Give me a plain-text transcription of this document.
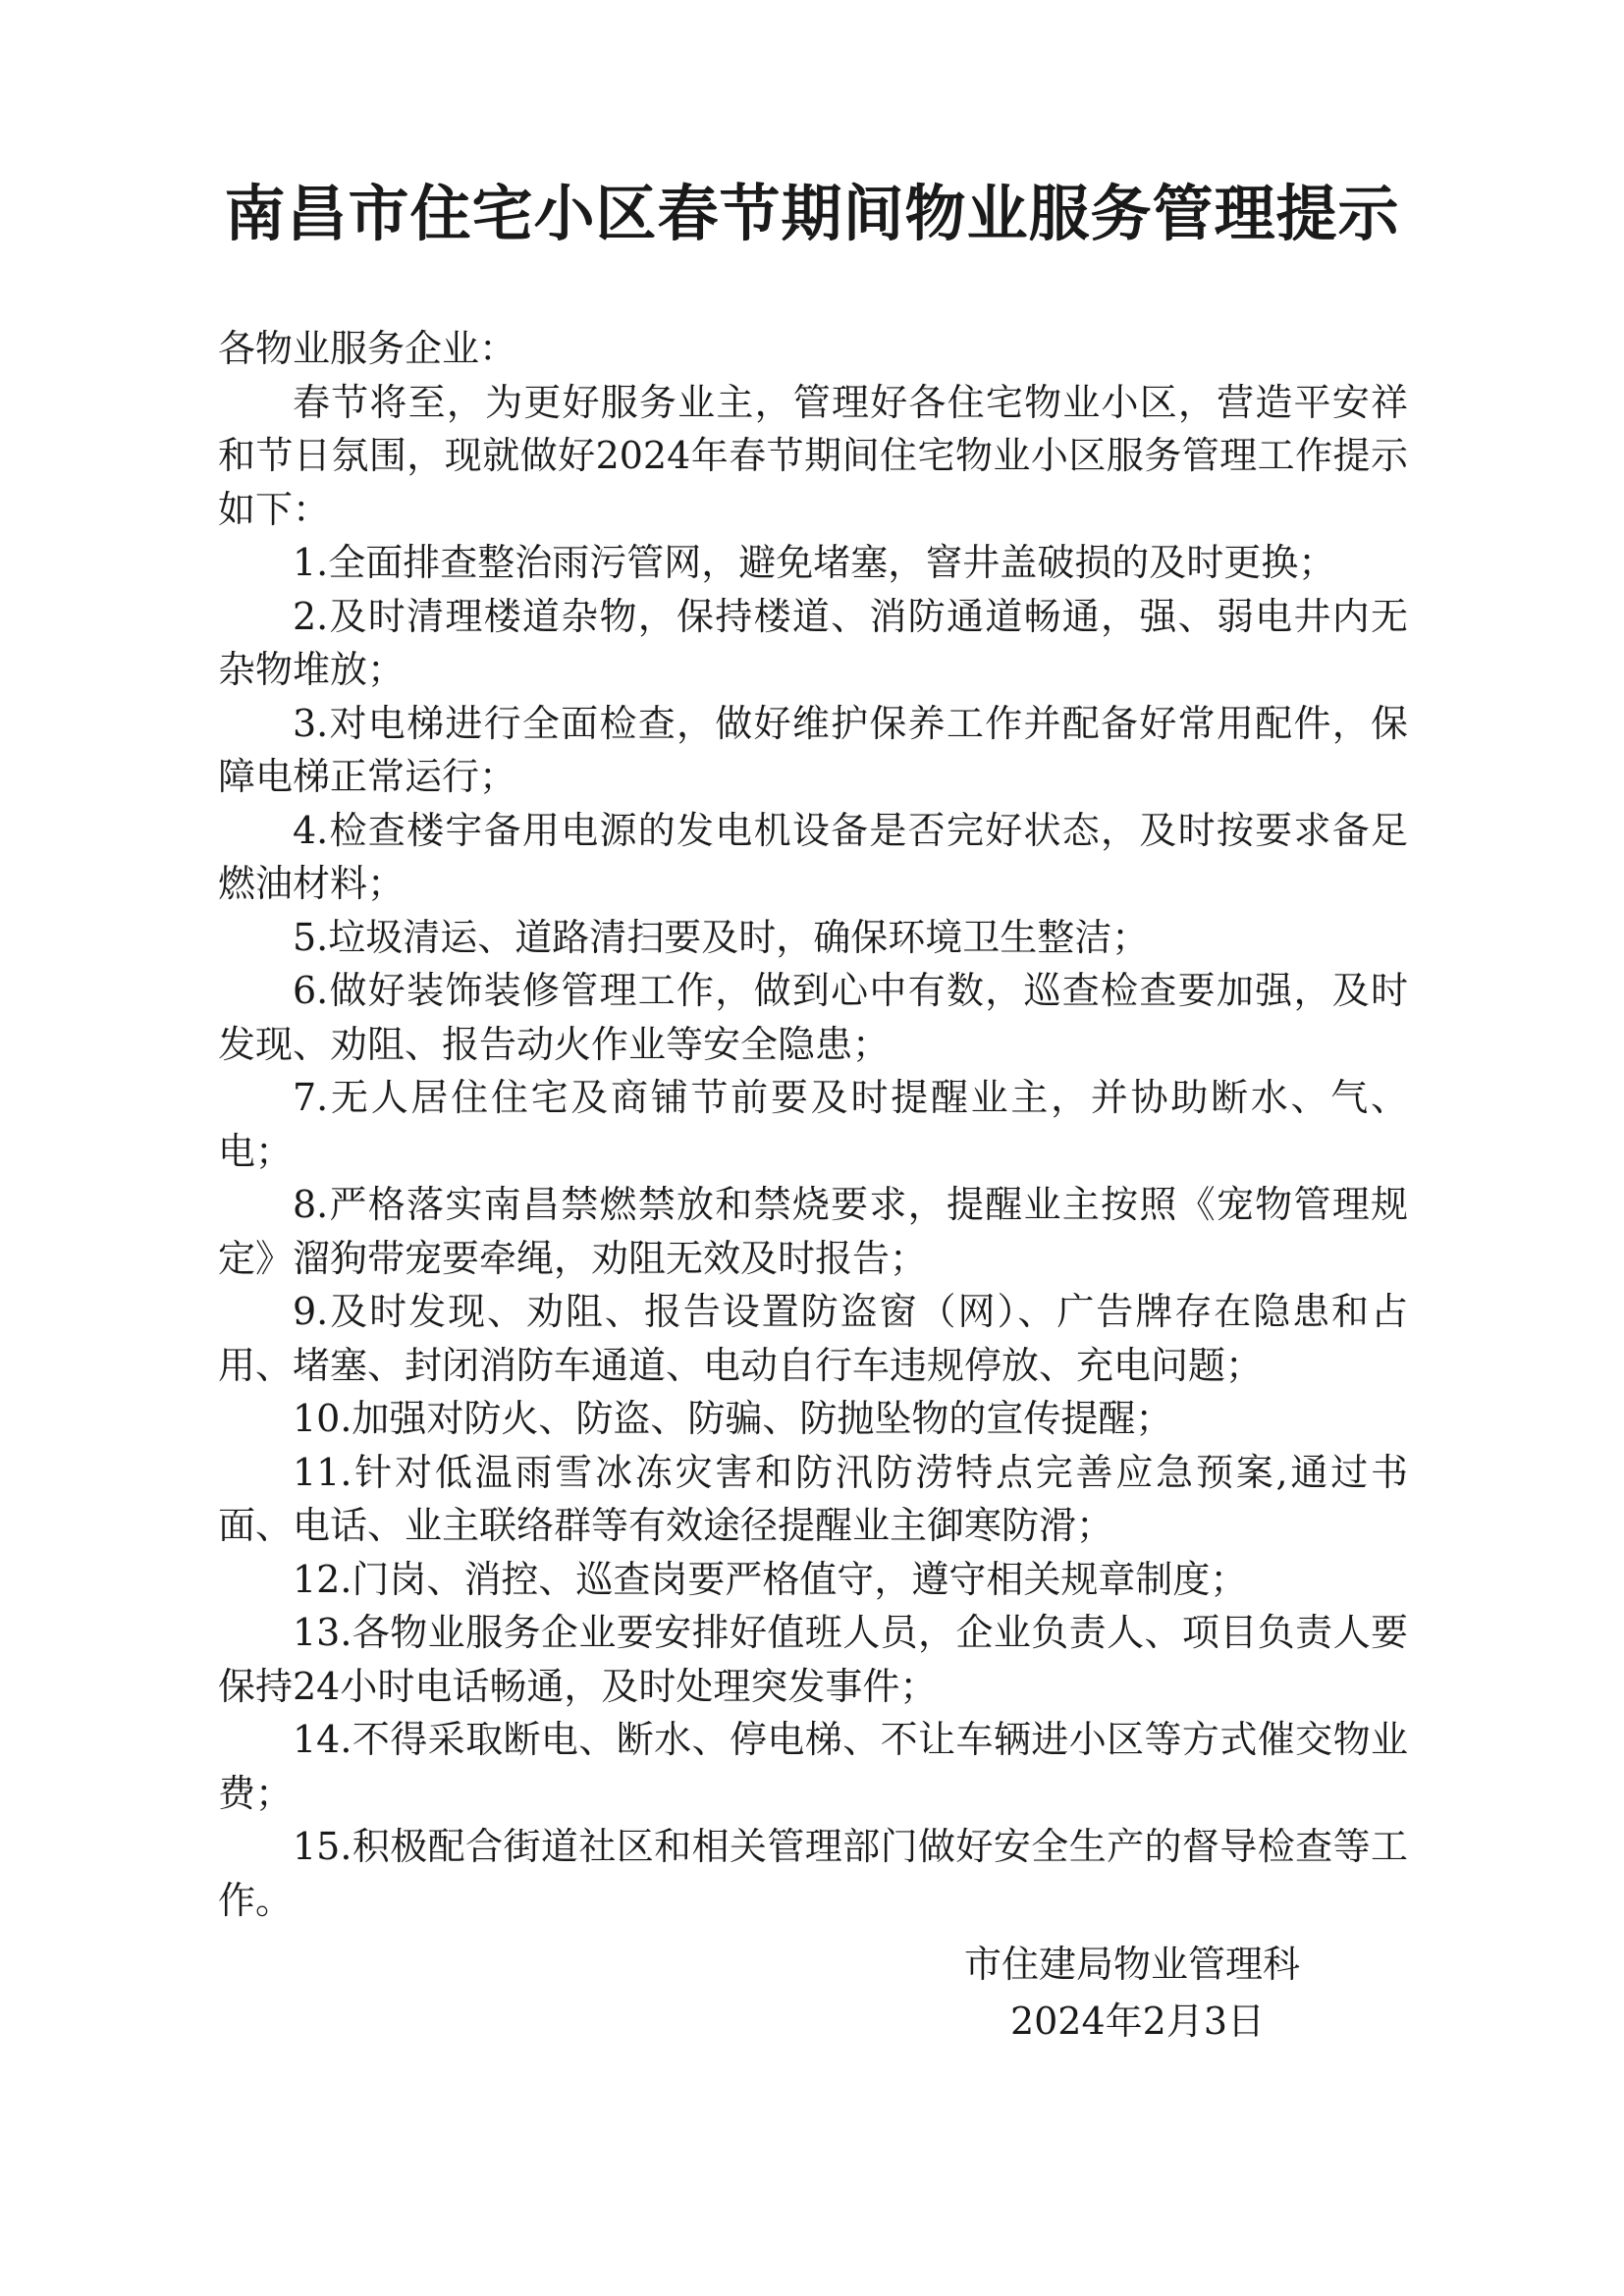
南昌市住宅小区春节期间物业服务管理提示

各物业服务企业：

春节将至，为更好服务业主，管理好各住宅物业小区，营造平安祥和节日氛围，现就做好2024年春节期间住宅物业小区服务管理工作提示如下：

1.全面排查整治雨污管网，避免堵塞，窨井盖破损的及时更换；

2.及时清理楼道杂物，保持楼道、消防通道畅通，强、弱电井内无杂物堆放；

3.对电梯进行全面检查，做好维护保养工作并配备好常用配件，保障电梯正常运行；

4.检查楼宇备用电源的发电机设备是否完好状态，及时按要求备足燃油材料；

5.垃圾清运、道路清扫要及时，确保环境卫生整洁；

6.做好装饰装修管理工作，做到心中有数，巡查检查要加强，及时发现、劝阻、报告动火作业等安全隐患；

7.无人居住住宅及商铺节前要及时提醒业主，并协助断水、气、电；

8.严格落实南昌禁燃禁放和禁烧要求，提醒业主按照《宠物管理规定》溜狗带宠要牵绳，劝阻无效及时报告；

9.及时发现、劝阻、报告设置防盗窗（网）、广告牌存在隐患和占用、堵塞、封闭消防车通道、电动自行车违规停放、充电问题；

10.加强对防火、防盗、防骗、防抛坠物的宣传提醒；

11.针对低温雨雪冰冻灾害和防汛防涝特点完善应急预案,通过书面、电话、业主联络群等有效途径提醒业主御寒防滑；

12.门岗、消控、巡查岗要严格值守，遵守相关规章制度；

13.各物业服务企业要安排好值班人员，企业负责人、项目负责人要保持24小时电话畅通，及时处理突发事件；

14.不得采取断电、断水、停电梯、不让车辆进小区等方式催交物业费；

15.积极配合街道社区和相关管理部门做好安全生产的督导检查等工作。

市住建局物业管理科

2024年2月3日
